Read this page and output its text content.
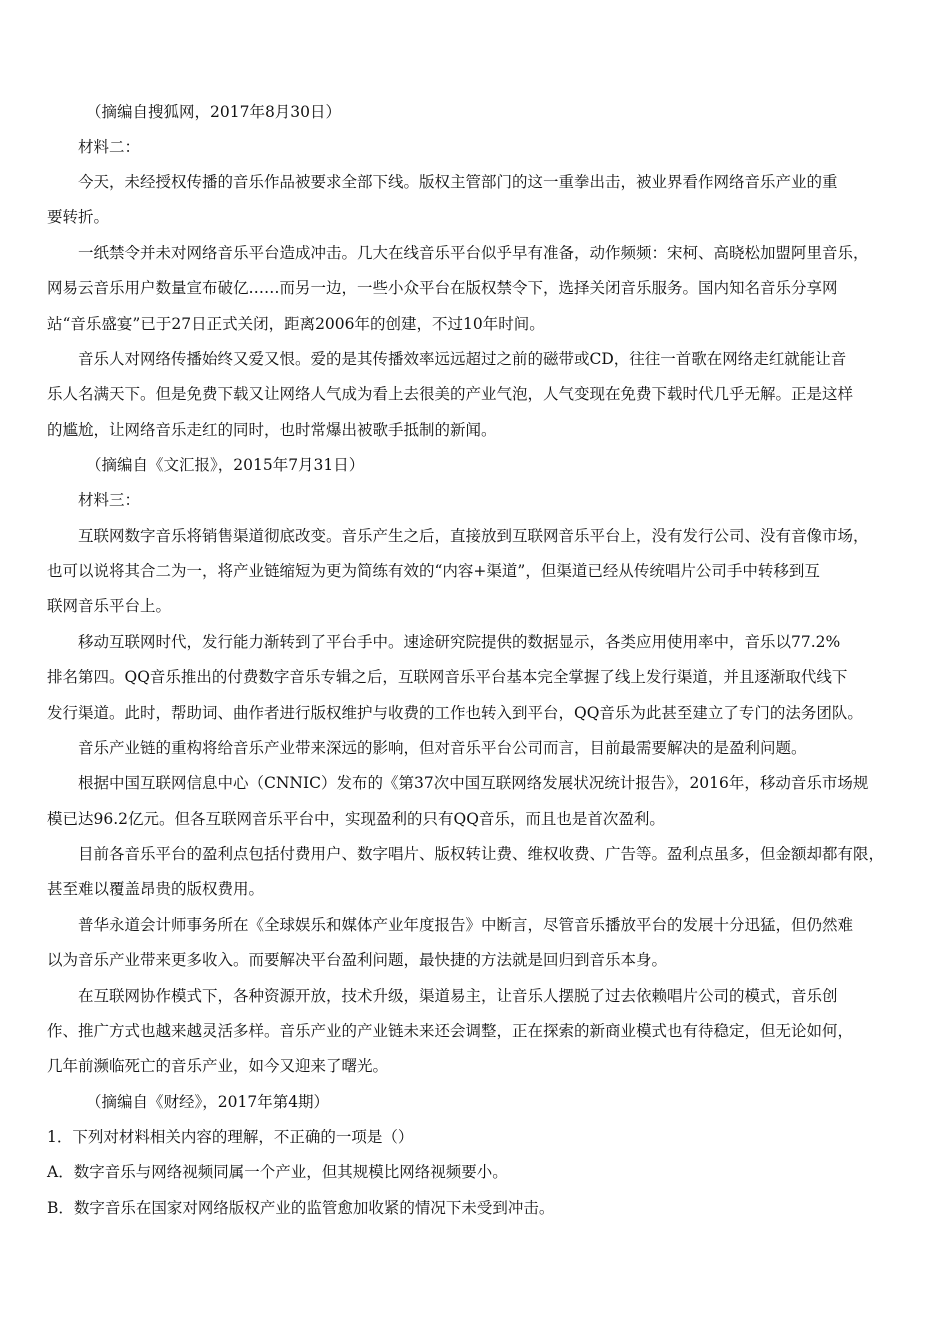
（摘编自搜狐网，2017年8月30日）
材料二：
今天，未经授权传播的音乐作品被要求全部下线。版权主管部门的这一重拳出击，被业界看作网络音乐产业的重
要转折。
一纸禁令并未对网络音乐平台造成冲击。几大在线音乐平台似乎早有准备，动作频频：宋柯、高晓松加盟阿里音乐，
网易云音乐用户数量宣布破亿……而另一边，一些小众平台在版权禁令下，选择关闭音乐服务。国内知名音乐分享网
站“音乐盛宴”已于27日正式关闭，距离2006年的创建，不过10年时间。
音乐人对网络传播始终又爱又恨。爱的是其传播效率远远超过之前的磁带或CD，往往一首歌在网络走红就能让音
乐人名满天下。但是免费下载又让网络人气成为看上去很美的产业气泡，人气变现在免费下载时代几乎无解。正是这样
的尴尬，让网络音乐走红的同时，也时常爆出被歌手抵制的新闻。
（摘编自《文汇报》，2015年7月31日）
材料三：
互联网数字音乐将销售渠道彻底改变。音乐产生之后，直接放到互联网音乐平台上，没有发行公司、没有音像市场，
也可以说将其合二为一，将产业链缩短为更为简练有效的“内容+渠道”，但渠道已经从传统唱片公司手中转移到互
联网音乐平台上。
移动互联网时代，发行能力渐转到了平台手中。速途研究院提供的数据显示，各类应用使用率中，音乐以77.2%
排名第四。QQ音乐推出的付费数字音乐专辑之后，互联网音乐平台基本完全掌握了线上发行渠道，并且逐渐取代线下
发行渠道。此时，帮助词、曲作者进行版权维护与收费的工作也转入到平台，QQ音乐为此甚至建立了专门的法务团队。
音乐产业链的重构将给音乐产业带来深远的影响，但对音乐平台公司而言，目前最需要解决的是盈利问题。
根据中国互联网信息中心（CNNIC）发布的《第37次中国互联网络发展状况统计报告》，2016年，移动音乐市场规
模已达96.2亿元。但各互联网音乐平台中，实现盈利的只有QQ音乐，而且也是首次盈利。
目前各音乐平台的盈利点包括付费用户、数字唱片、版权转让费、维权收费、广告等。盈利点虽多，但金额却都有限，
甚至难以覆盖昂贵的版权费用。
普华永道会计师事务所在《全球娱乐和媒体产业年度报告》中断言，尽管音乐播放平台的发展十分迅猛，但仍然难
以为音乐产业带来更多收入。而要解决平台盈利问题，最快捷的方法就是回归到音乐本身。
在互联网协作模式下，各种资源开放，技术升级，渠道易主，让音乐人摆脱了过去依赖唱片公司的模式，音乐创
作、推广方式也越来越灵活多样。音乐产业的产业链未来还会调整，正在探索的新商业模式也有待稳定，但无论如何，
几年前濒临死亡的音乐产业，如今又迎来了曙光。
（摘编自《财经》，2017年第4期）
1．下列对材料相关内容的理解，不正确的一项是（）
A．数字音乐与网络视频同属一个产业，但其规模比网络视频要小。
B．数字音乐在国家对网络版权产业的监管愈加收紧的情况下未受到冲击。
